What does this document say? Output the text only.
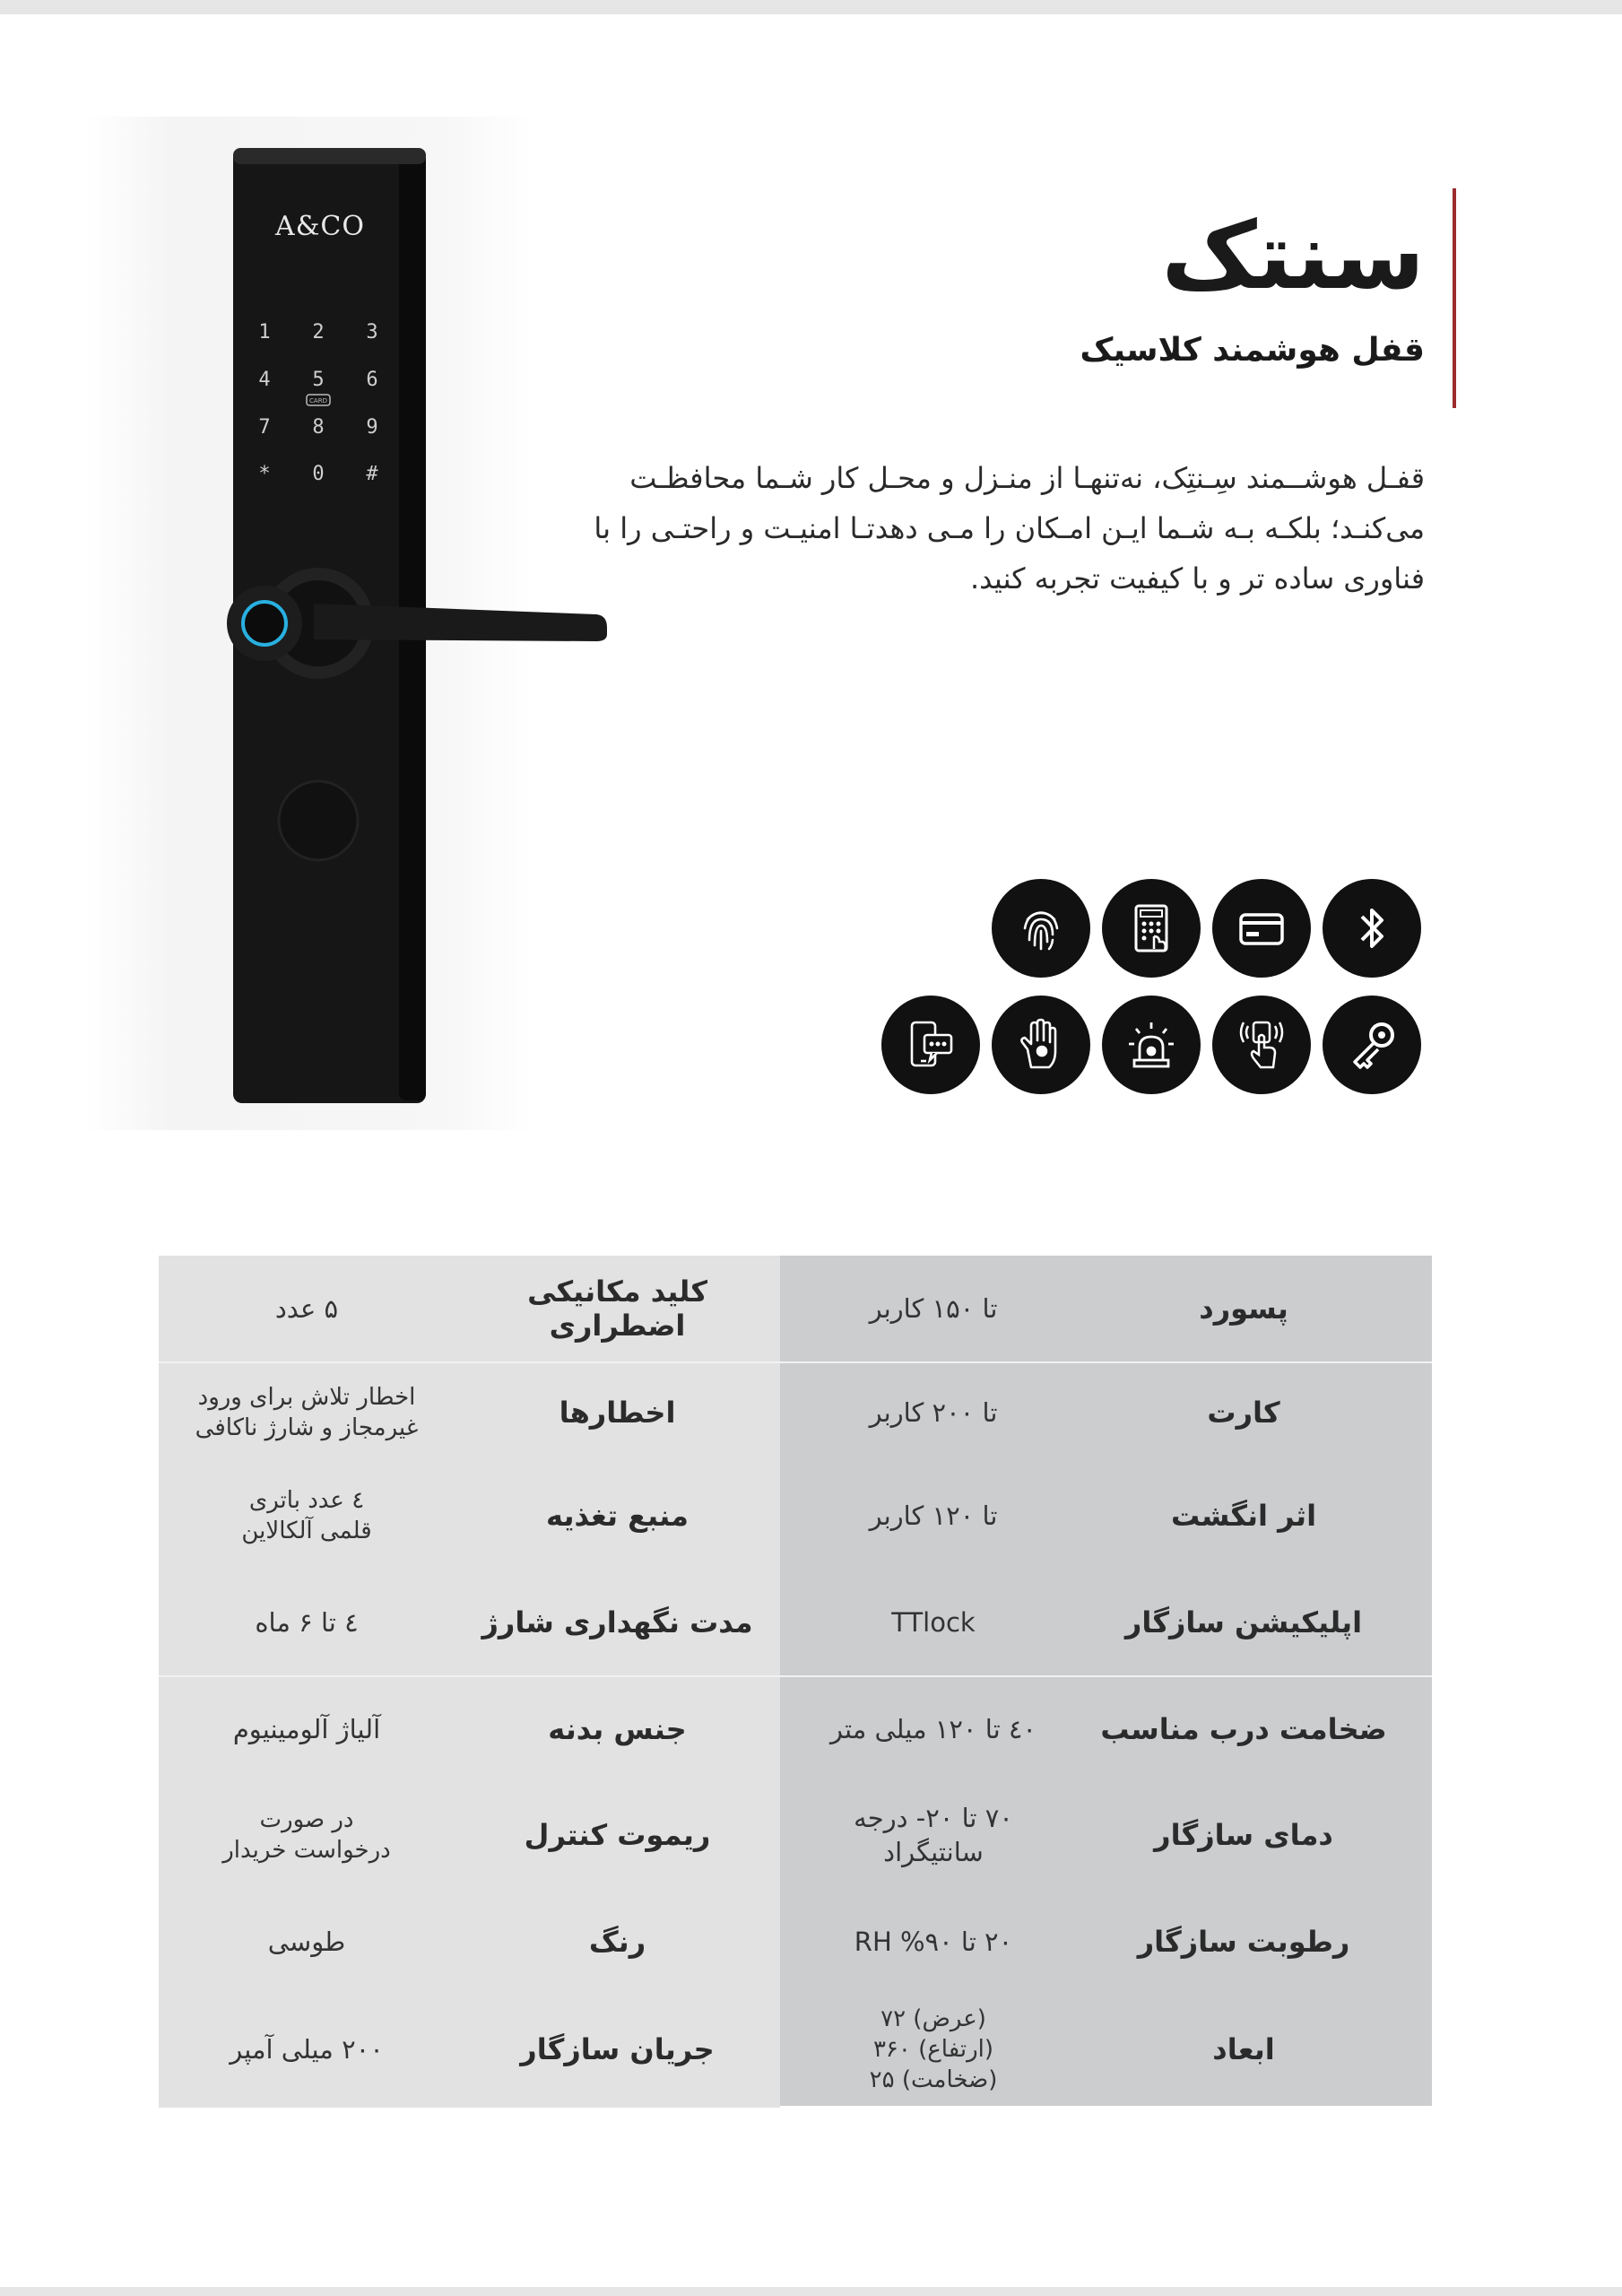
A&CO
1 2 3
4 5 6
7 8 9
* 0 #
CARD
سنتک
قفل هوشمند کلاسیک
قفـل هوشــمند سِـنتِک، نه‌تنهـا از منـزل و محـل کار شـما محافظـت می‌کنـد؛ بلکـه بـه شـما ایـن امـکان را مـی دهدتـا امنیـت و راحتـی را با فناوری ساده تر و با کیفیت تجربه کنید.
پسورد
تا ۱۵۰ کاربر
کلید مکانیکی اضطراری
۵ عدد
کارت
تا ۲۰۰ کاربر
اخطارها
اخطار تلاش برای ورود
غیرمجاز و شارژ ناکافی
اثر انگشت
تا ۱۲۰ کاربر
منبع تغذیه
٤ عدد باتری
قلمی آلکالاین
اپلیکیشن سازگار
TTlock
مدت نگهداری شارژ
٤ تا ۶ ماه
ضخامت درب مناسب
٤۰ تا ۱۲۰ میلی متر
جنس بدنه
آلیاژ آلومینیوم
دمای سازگار
۷۰ تا ۲۰- درجه
سانتیگراد
ریموت کنترل
در صورت
درخواست خریدار
رطوبت سازگار
۲۰ تا ۹۰% RH
رنگ
طوسی
ابعاد
(عرض) ۷۲
(ارتفاع) ۳۶۰
(ضخامت) ۲۵
جریان سازگار
۲۰۰ میلی آمپر
